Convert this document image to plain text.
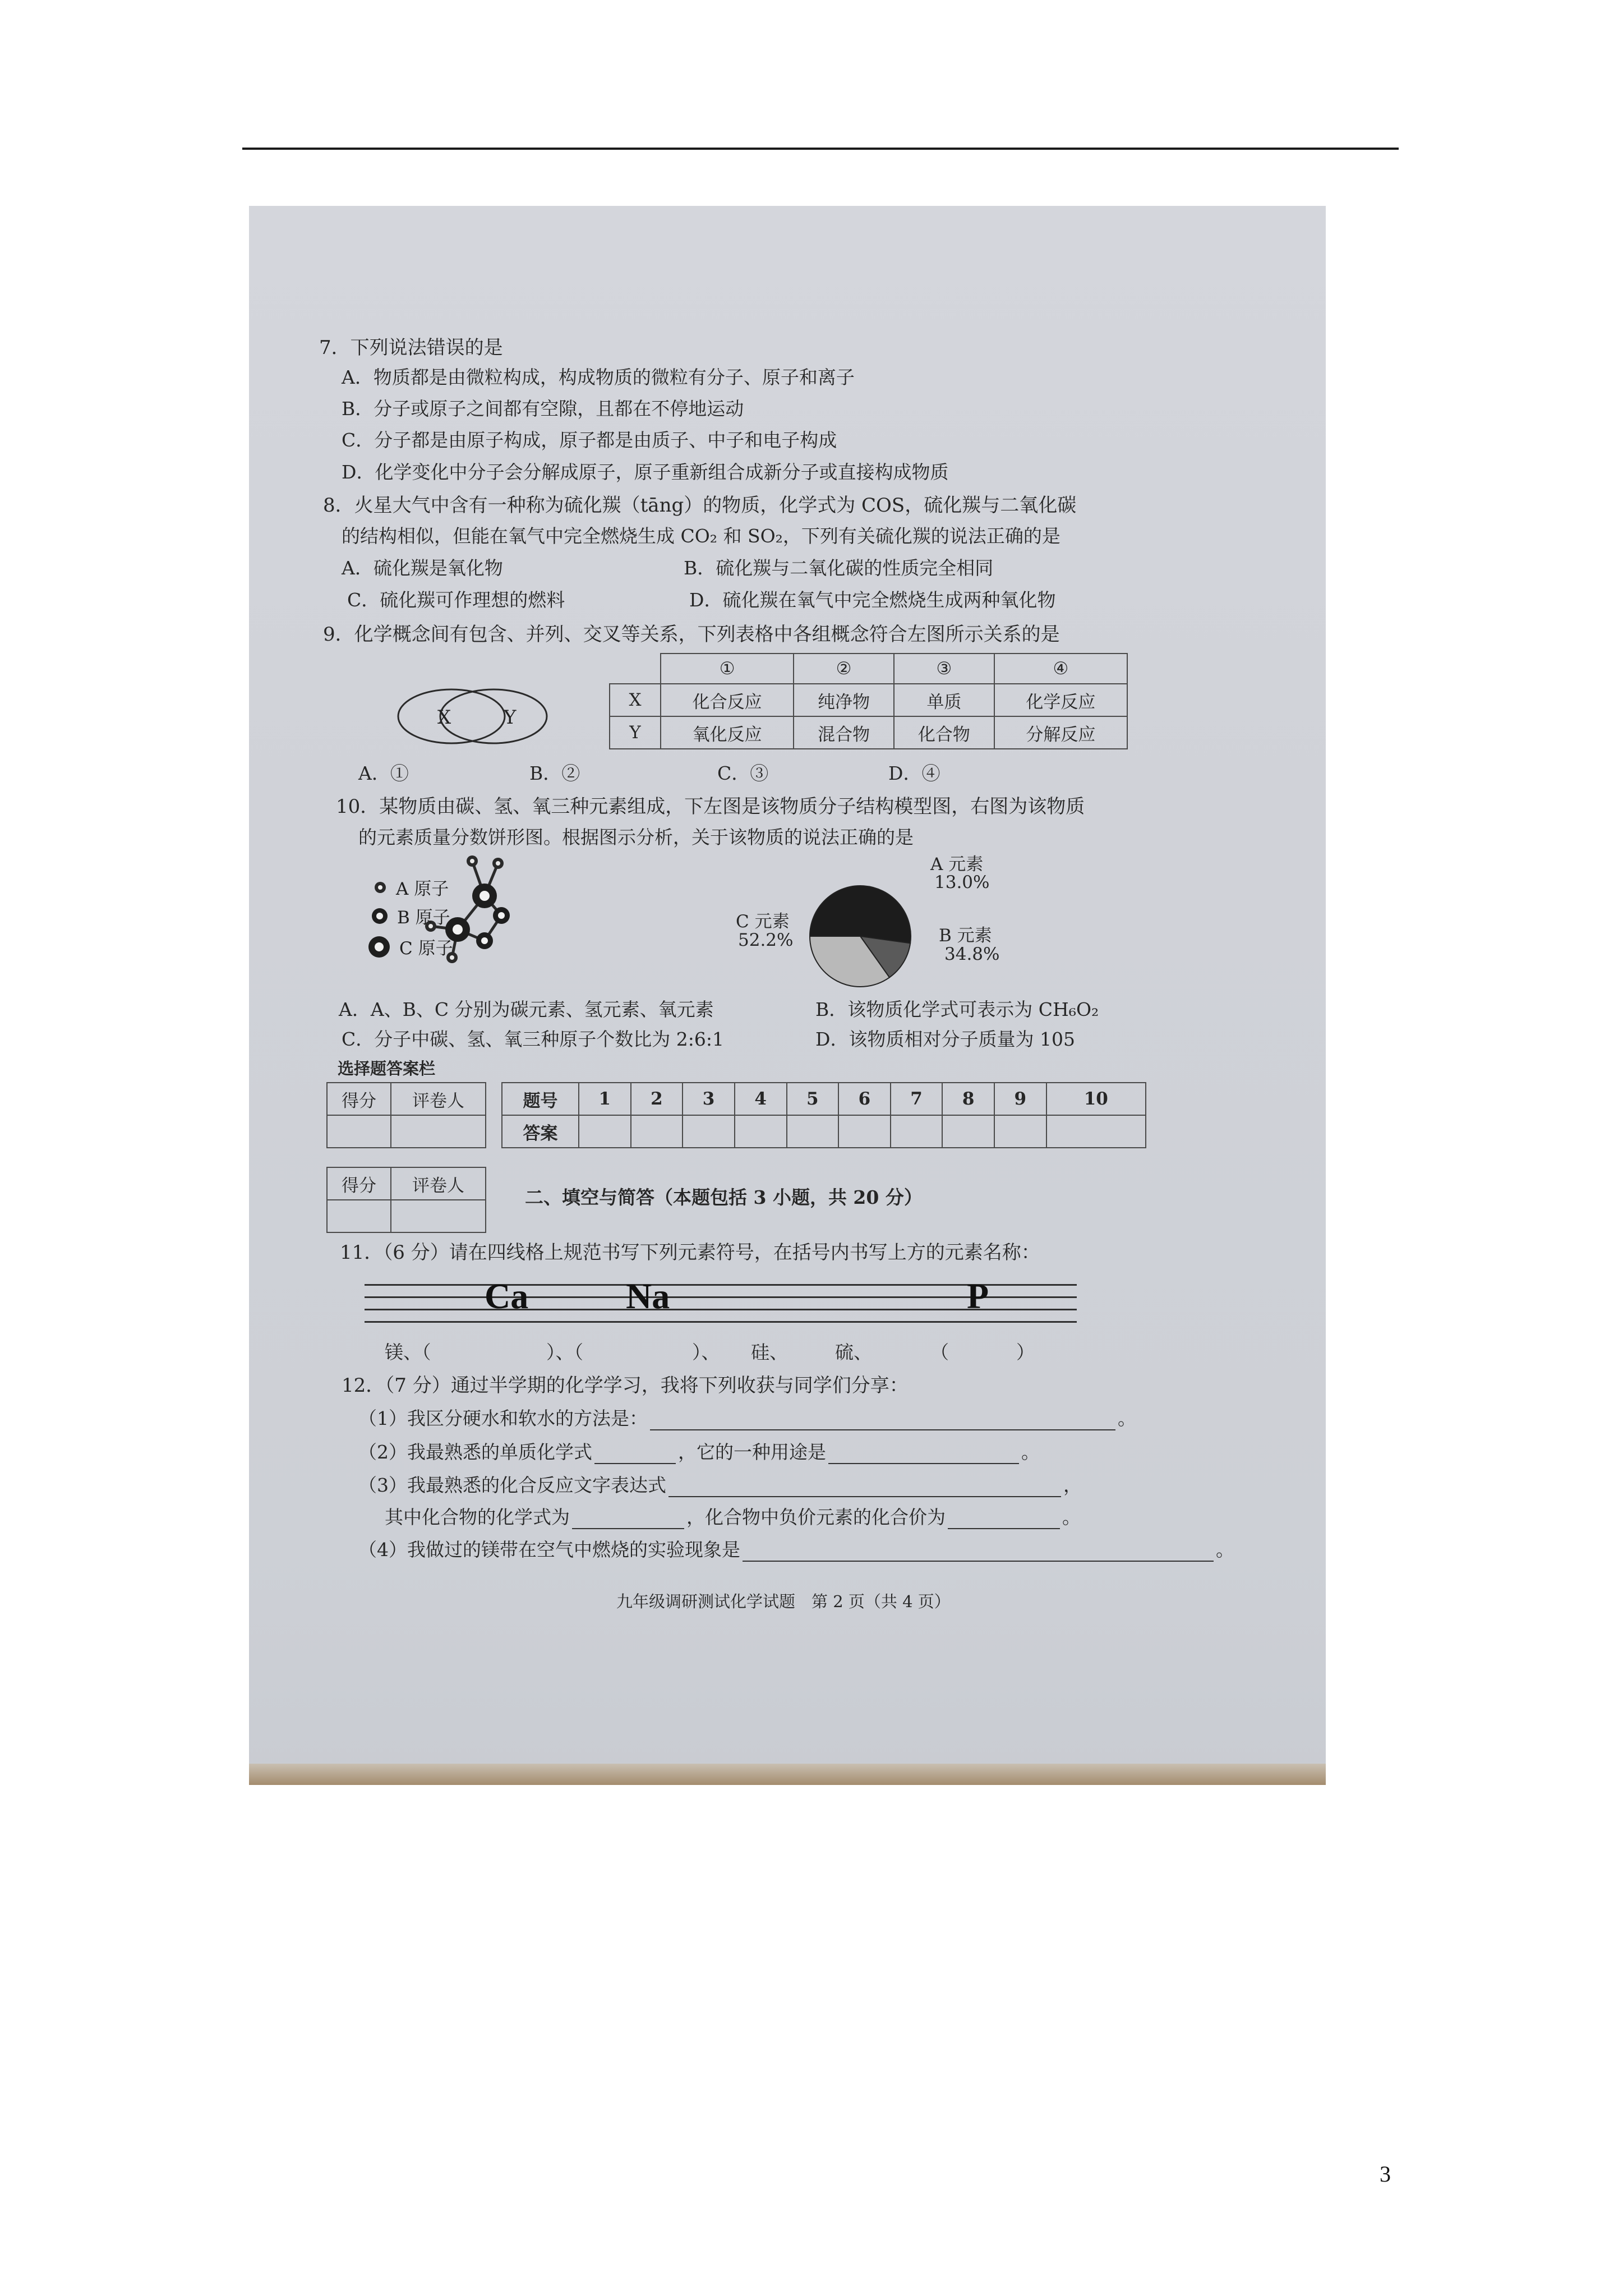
7．下列说法错误的是
A．物质都是由微粒构成，构成物质的微粒有分子、原子和离子
B．分子或原子之间都有空隙，且都在不停地运动
C．分子都是由原子构成，原子都是由质子、中子和电子构成
D．化学变化中分子会分解成原子，原子重新组合成新分子或直接构成物质
8．火星大气中含有一种称为硫化羰（tāng）的物质，化学式为 COS，硫化羰与二氧化碳
的结构相似，但能在氧气中完全燃烧生成 CO₂ 和 SO₂，下列有关硫化羰的说法正确的是
A．硫化羰是氧化物	B．硫化羰与二氧化碳的性质完全相同
C．硫化羰可作理想的燃料	D．硫化羰在氧气中完全燃烧生成两种氧化物
9．化学概念间有包含、并列、交叉等关系，下列表格中各组概念符合左图所示关系的是
X	Y
	①	②	③	④
X	化合反应	纯净物	单质	化学反应
Y	氧化反应	混合物	化合物	分解反应
A．①	B．②	C．③	D．④
10．某物质由碳、氢、氧三种元素组成，下左图是该物质分子结构模型图，右图为该物质
的元素质量分数饼形图。根据图示分析，关于该物质的说法正确的是
A 原子
B 原子
C 原子
A 元素
13.0%
B 元素
34.8%
C 元素
52.2%
A．A、B、C 分别为碳元素、氢元素、氧元素	B．该物质化学式可表示为 CH₆O₂
C．分子中碳、氢、氧三种原子个数比为 2:6:1	D．该物质相对分子质量为 105
选择题答案栏
得分	评卷人
		题号	1	2	3	4	5	6	7	8	9	10
答案										
得分	评卷人

二、填空与简答（本题包括 3 小题，共 20 分）
11．（6 分）请在四线格上规范书写下列元素符号，在括号内书写上方的元素名称：
Ca	Na	P
镁、（	）、（	）、 硅、	硫、	（	）
12．（7 分）通过半学期的化学学习，我将下列收获与同学们分享：
（1）我区分硬水和软水的方法是：	。
（2）我最熟悉的单质化学式	，它的一种用途是	。
（3）我最熟悉的化合反应文字表达式	，
其中化合物的化学式为	，化合物中负价元素的化合价为	。
（4）我做过的镁带在空气中燃烧的实验现象是	。
九年级调研测试化学试题　第 2 页（共 4 页）
3
